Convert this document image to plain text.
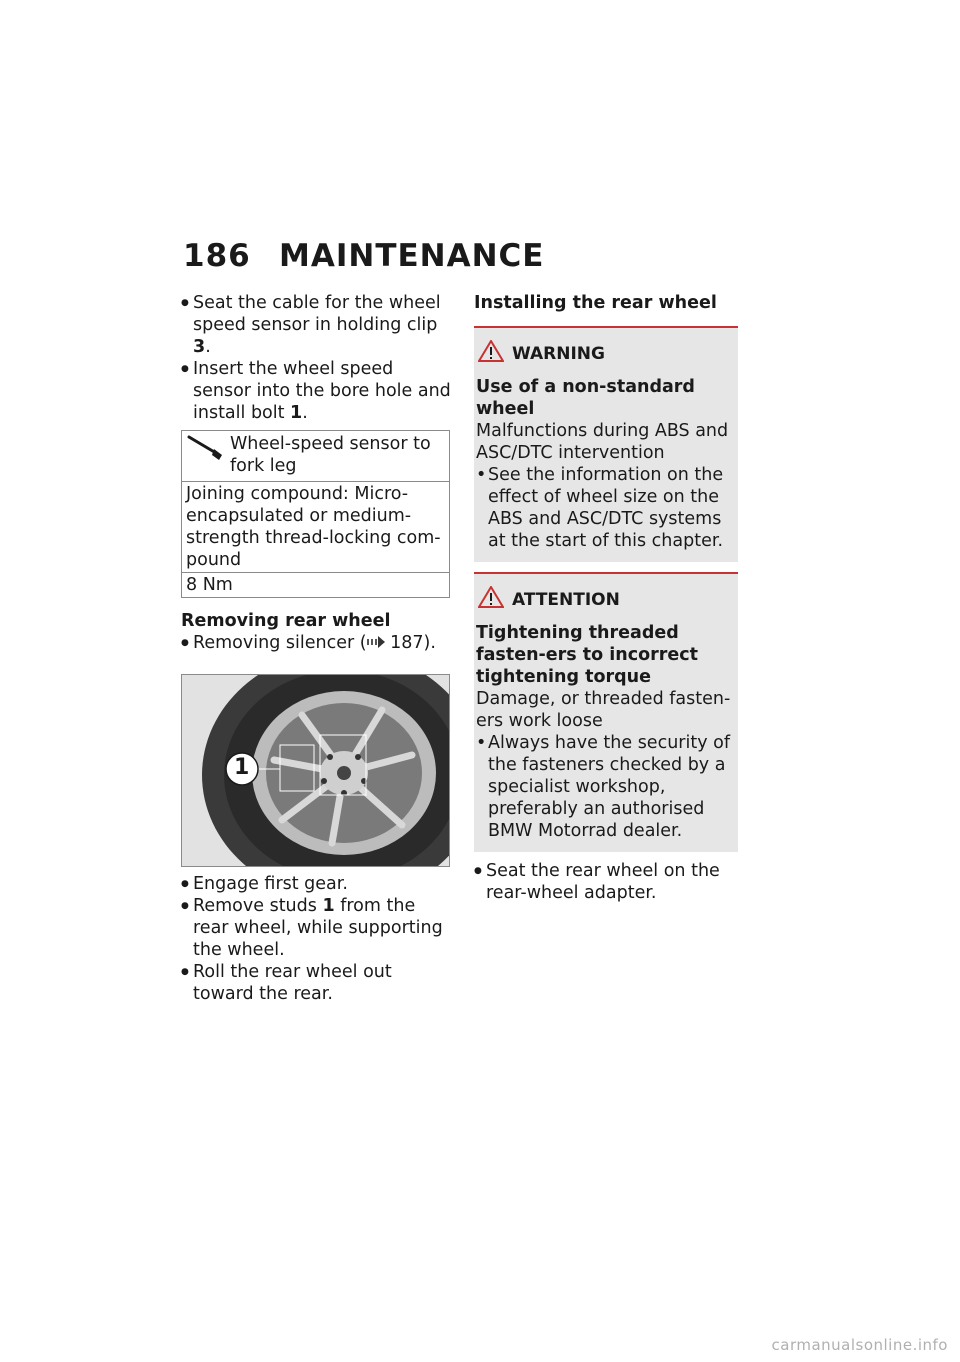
186 MAINTENANCE
● Seat the cable for the wheel speed sensor in holding clip 3.
● Insert the wheel speed sensor into the bore hole and install bolt 1.
Wheel-speed sensor to fork leg
Joining compound: Micro-encapsulated or medium-strength thread-locking com-pound
8 Nm
Removing rear wheel
● Removing silencer ( 187).
1
● Engage first gear.
● Remove studs 1 from the rear wheel, while supporting the wheel.
● Roll the rear wheel out toward the rear.
Installing the rear wheel
WARNING
Use of a non-standard wheel
Malfunctions during ABS and ASC/DTC intervention
• See the information on the effect of wheel size on the ABS and ASC/DTC systems at the start of this chapter.
ATTENTION
Tightening threaded fasten-ers to incorrect tightening torque
Damage, or threaded fasten-ers work loose
• Always have the security of the fasteners checked by a specialist workshop, preferably an authorised BMW Motorrad dealer.
● Seat the rear wheel on the rear-wheel adapter.
carmanualsonline.info
